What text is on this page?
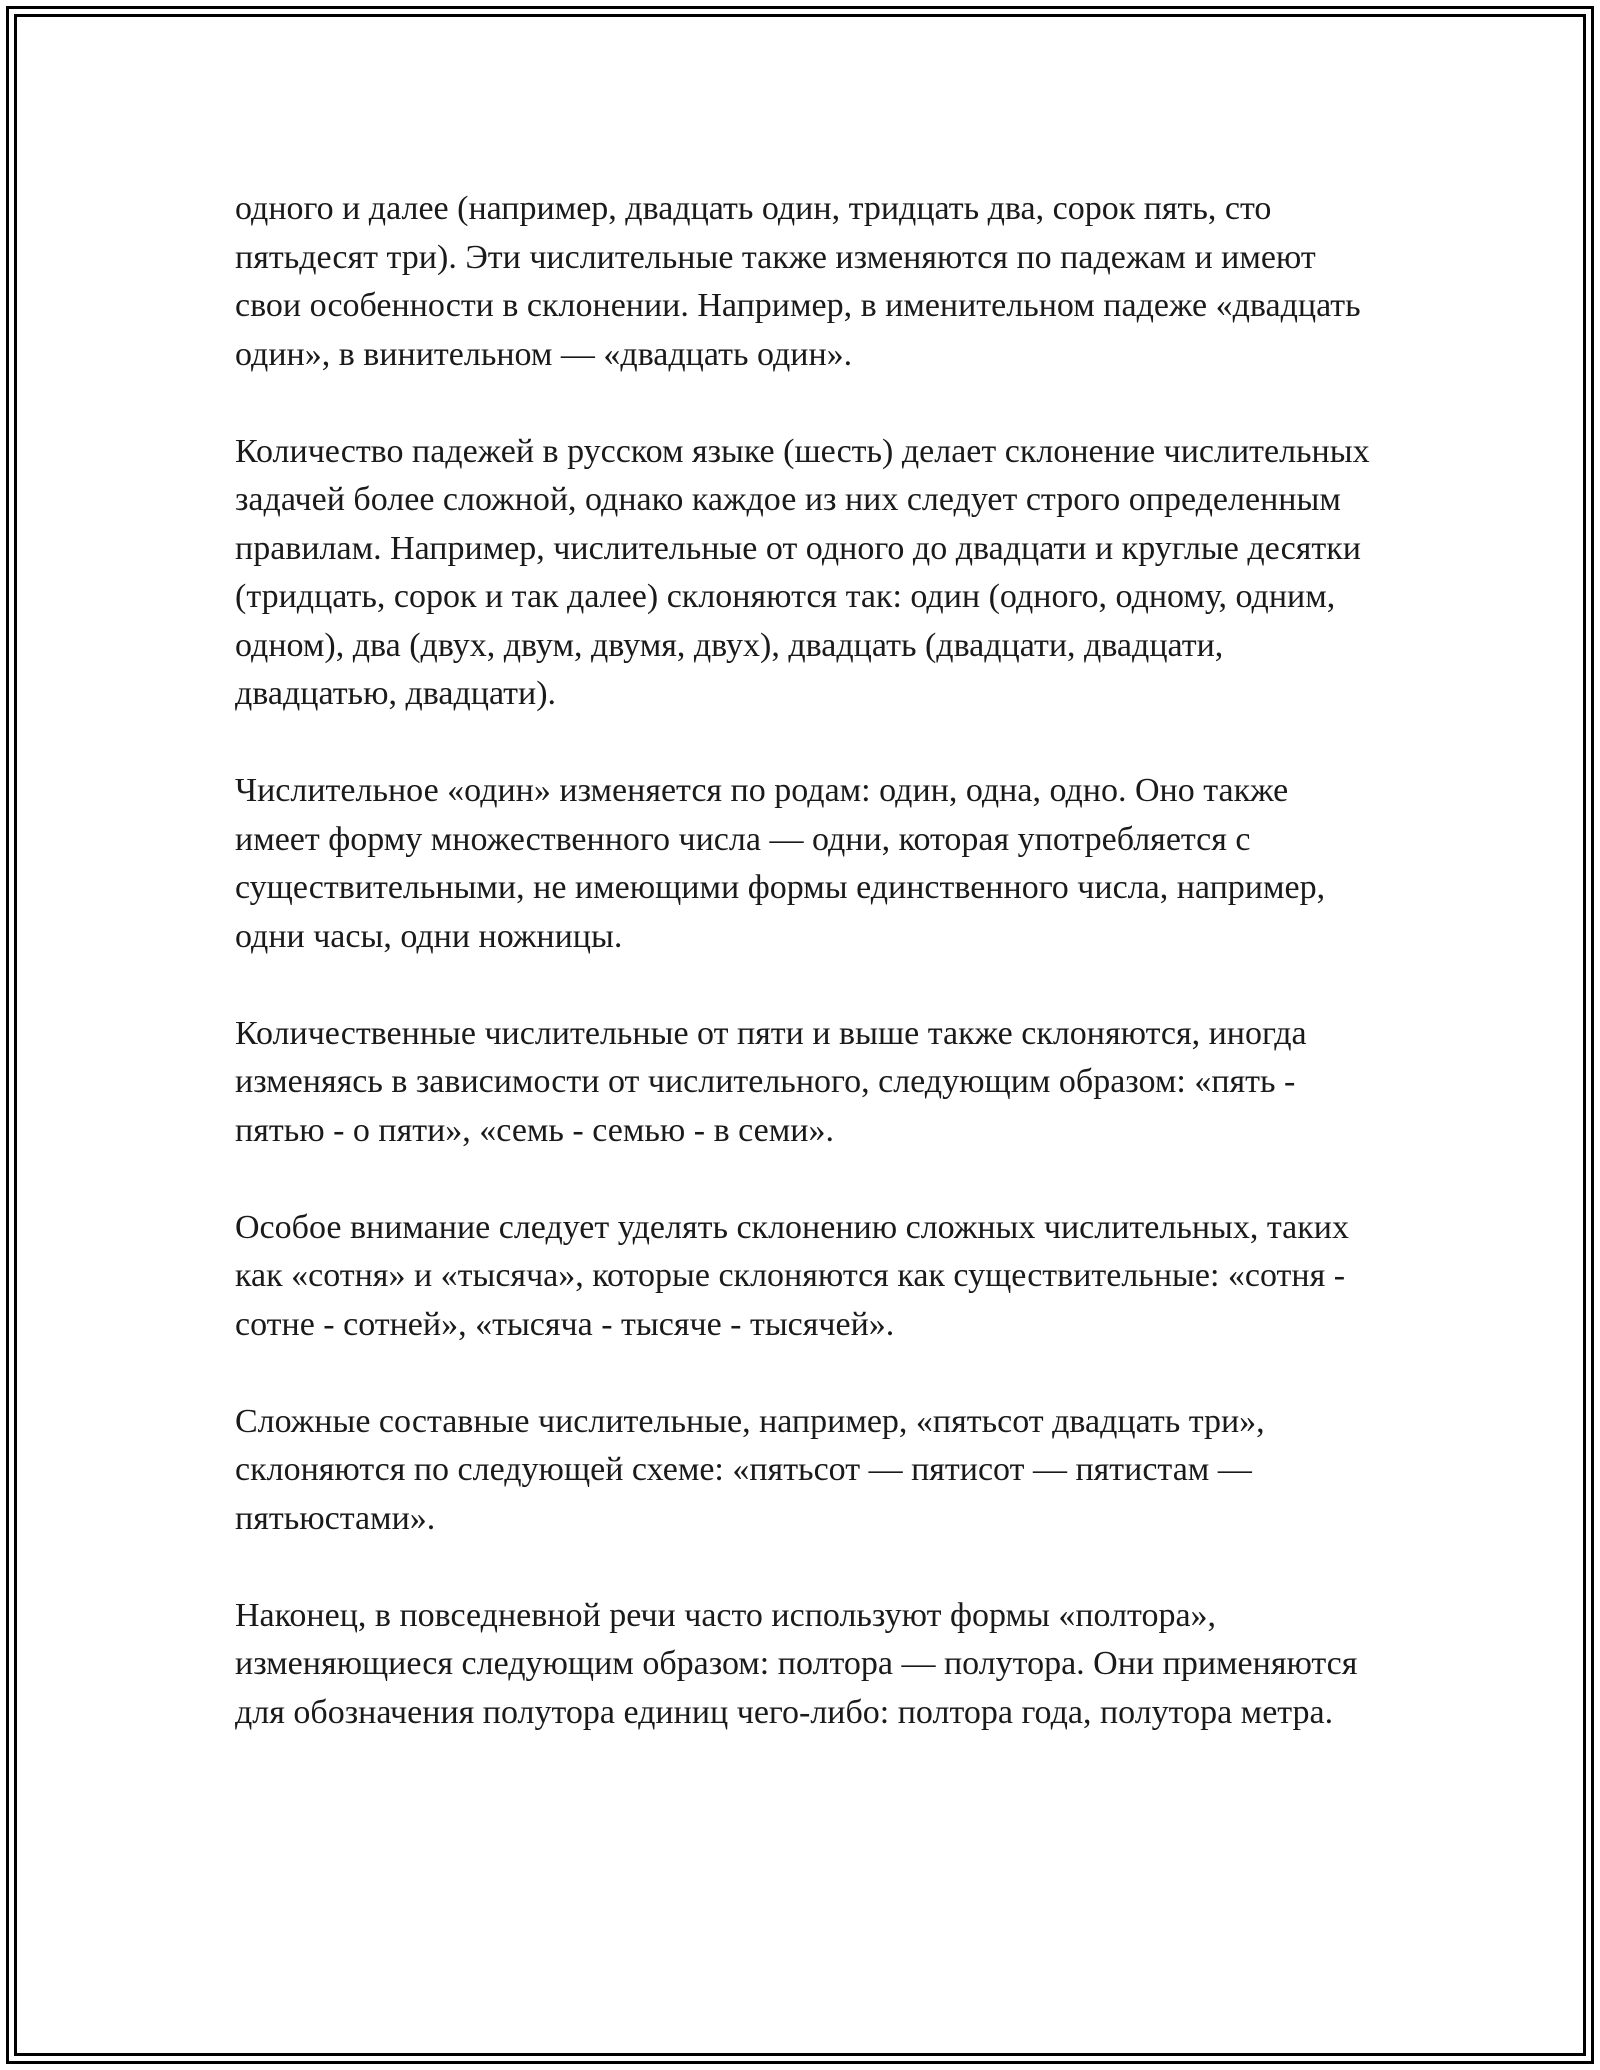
одного и далее (например, двадцать один, тридцать два, сорок пять, сто пятьдесят три). Эти числительные также изменяются по падежам и имеют свои особенности в склонении. Например, в именительном падеже «двадцать один», в винительном — «двадцать один».

Количество падежей в русском языке (шесть) делает склонение числительных задачей более сложной, однако каждое из них следует строго определенным правилам. Например, числительные от одного до двадцати и круглые десятки (тридцать, сорок и так далее) склоняются так: один (одного, одному, одним, одном), два (двух, двум, двумя, двух), двадцать (двадцати, двадцати, двадцатью, двадцати).

Числительное «один» изменяется по родам: один, одна, одно. Оно также имеет форму множественного числа — одни, которая употребляется с существительными, не имеющими формы единственного числа, например, одни часы, одни ножницы.

Количественные числительные от пяти и выше также склоняются, иногда изменяясь в зависимости от числительного, следующим образом: «пять - пятью - о пяти», «семь - семью - в семи».

Особое внимание следует уделять склонению сложных числительных, таких как «сотня» и «тысяча», которые склоняются как существительные: «сотня - сотне - сотней», «тысяча - тысяче - тысячей».

Сложные составные числительные, например, «пятьсот двадцать три», склоняются по следующей схеме: «пятьсот — пятисот — пятистам — пятьюстами».

Наконец, в повседневной речи часто используют формы «полтора», изменяющиеся следующим образом: полтора — полутора. Они применяются для обозначения полутора единиц чего-либо: полтора года, полутора метра.
